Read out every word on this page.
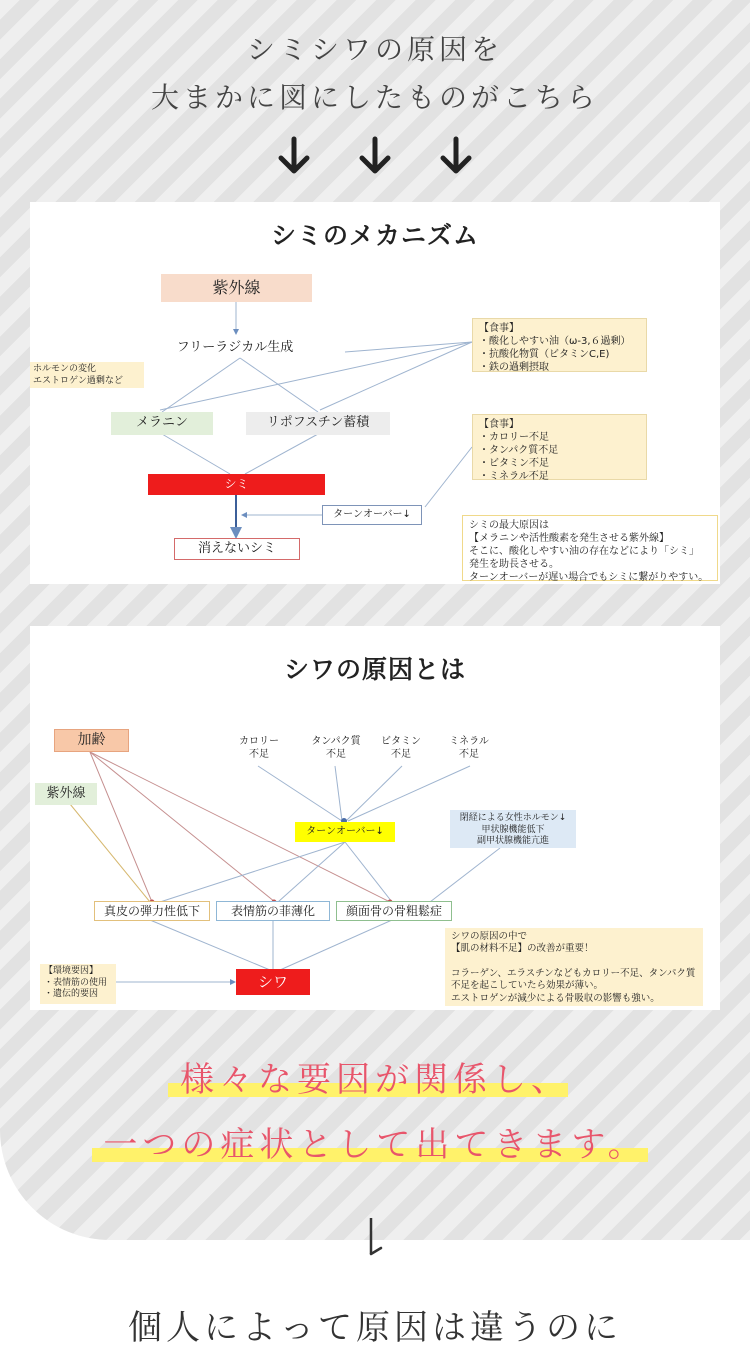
シミシワの原因を
大まかに図にしたものがこちら
シミのメカニズム
紫外線
フリーラジカル生成
ホルモンの変化
エストロゲン過剰など
【食事】
・酸化しやすい油（ω-3,６過剰）
・抗酸化物質（ビタミンC,E)
・鉄の過剰摂取
メラニン	リポフスチン蓄積	【食事】
・カロリー不足
・タンパク質不足
・ビタミン不足
・ミネラル不足
シミ
ターンオーバー↓
消えないシミ
シミの最大原因は
【メラニンや活性酸素を発生させる紫外線】
そこに、酸化しやすい油の存在などにより「シミ」
発生を助長させる。
ターンオーバーが遅い場合でもシミに繋がりやすい。
シワの原因とは
加齢
紫外線
カロリー
不足
タンパク質
不足
ビタミン
不足
ミネラル
不足
ターンオーバー↓
閉経による女性ホルモン↓
甲状腺機能低下
副甲状腺機能亢進
真皮の弾力性低下	表情筋の菲薄化	顔面骨の骨粗鬆症
【環境要因】
・表情筋の使用
・遺伝的要因
シワ
シワの原因の中で
【肌の材料不足】の改善が重要！

コラーゲン、エラスチンなどもカロリー不足、タンパク質不足を起こしていたら効果が薄い。
エストロゲンが減少による骨吸収の影響も強い。
様々な要因が関係し、
一つの症状として出てきます。
個人によって原因は違うのに
